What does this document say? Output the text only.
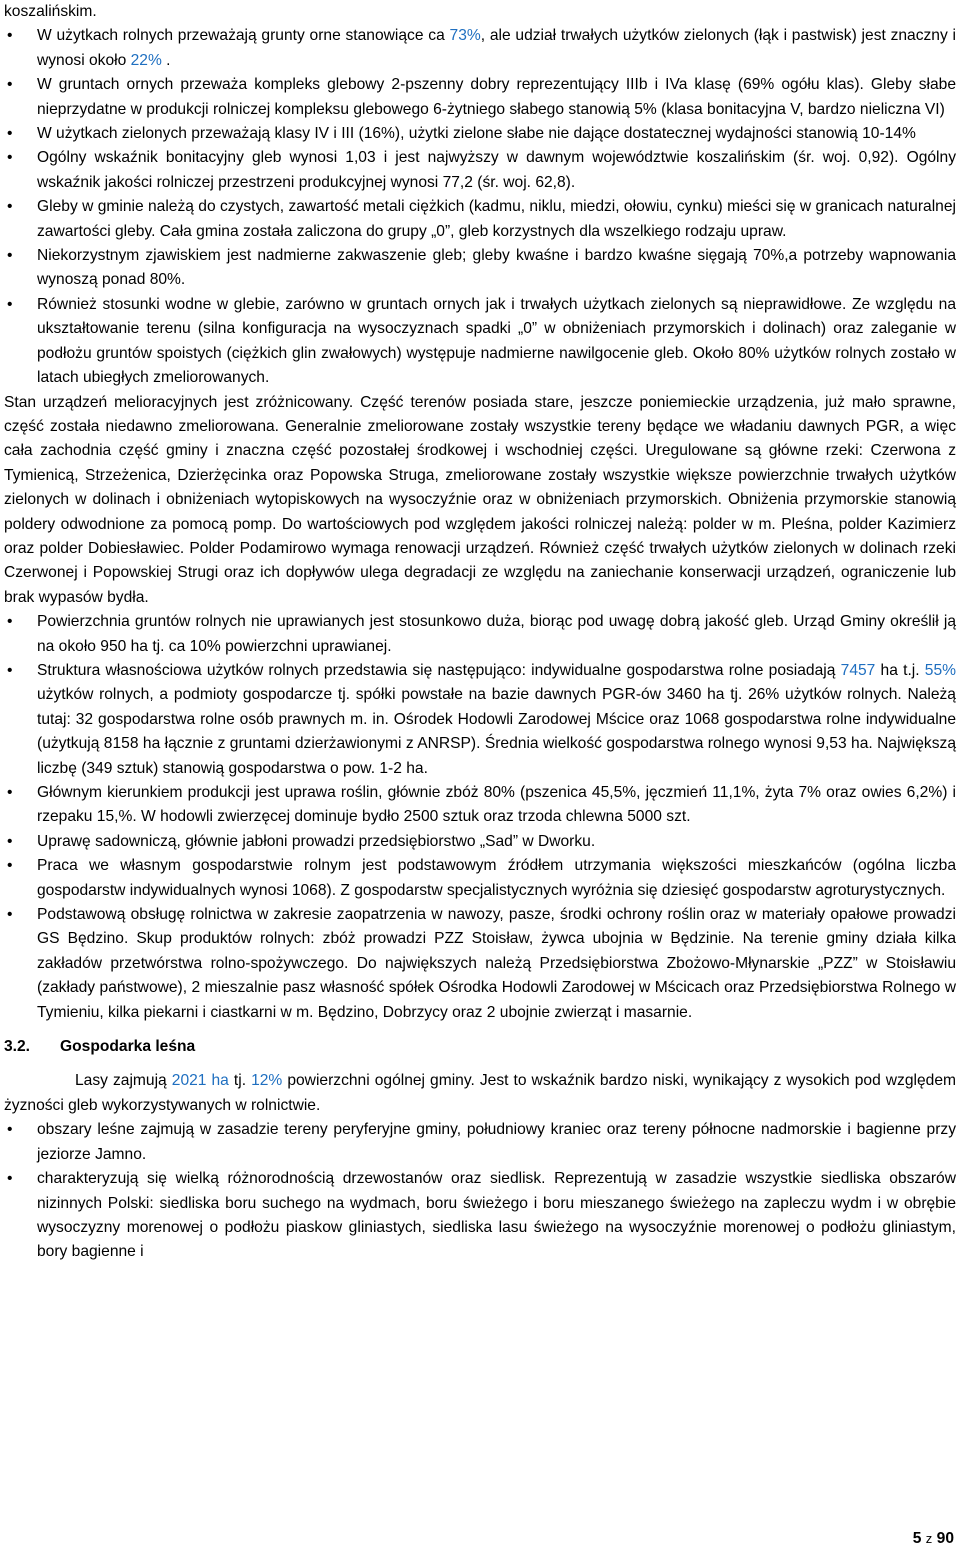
koszalińskim.

• W użytkach rolnych przeważają grunty orne stanowiące ca 73%, ale udział trwałych użytków zielonych (łąk i pastwisk) jest znaczny i wynosi około 22% .
• W gruntach ornych przeważa kompleks glebowy 2-pszenny dobry reprezentujący IIIb i IVa klasę (69% ogółu klas). Gleby słabe nieprzydatne w produkcji rolniczej kompleksu glebowego 6-żytniego słabego stanowią 5% (klasa bonitacyjna V, bardzo nieliczna VI)
• W użytkach zielonych przeważają klasy IV i III (16%), użytki zielone słabe nie dające dostatecznej wydajności stanowią 10-14%
• Ogólny wskaźnik bonitacyjny gleb wynosi 1,03 i jest najwyższy w dawnym województwie koszalińskim (śr. woj. 0,92). Ogólny wskaźnik jakości rolniczej przestrzeni produkcyjnej wynosi 77,2 (śr. woj. 62,8).
• Gleby w gminie należą do czystych, zawartość metali ciężkich (kadmu, niklu, miedzi, ołowiu, cynku) mieści się w granicach naturalnej zawartości gleby. Cała gmina została zaliczona do grupy „0”, gleb korzystnych dla wszelkiego rodzaju upraw.
• Niekorzystnym zjawiskiem jest nadmierne zakwaszenie gleb; gleby kwaśne i bardzo kwaśne sięgają 70%,a potrzeby wapnowania wynoszą ponad 80%.
• Również stosunki wodne w glebie, zarówno w gruntach ornych jak i trwałych użytkach zielonych są nieprawidłowe. Ze względu na ukształtowanie terenu (silna konfiguracja na wysoczyznach spadki „0” w obniżeniach przymorskich i dolinach) oraz zaleganie w podłożu gruntów spoistych (ciężkich glin zwałowych) występuje nadmierne nawilgocenie gleb. Około 80% użytków rolnych zostało w latach ubiegłych zmeliorowanych.

Stan urządzeń melioracyjnych jest zróżnicowany. Część terenów posiada stare, jeszcze poniemieckie urządzenia, już mało sprawne, część została niedawno zmeliorowana. Generalnie zmeliorowane zostały wszystkie tereny będące we władaniu dawnych PGR, a więc cała zachodnia część gminy i znaczna część pozostałej środkowej i wschodniej części. Uregulowane są główne rzeki: Czerwona z Tymienicą, Strzeżenica, Dzierżęcinka oraz Popowska Struga, zmeliorowane zostały wszystkie większe powierzchnie trwałych użytków zielonych w dolinach i obniżeniach wytopiskowych na wysoczyźnie oraz w obniżeniach przymorskich. Obniżenia przymorskie stanowią poldery odwodnione za pomocą pomp. Do wartościowych pod względem jakości rolniczej należą: polder w m. Pleśna, polder Kazimierz oraz polder Dobiesławiec. Polder Podamirowo wymaga renowacji urządzeń. Również część trwałych użytków zielonych w dolinach rzeki Czerwonej i Popowskiej Strugi oraz ich dopływów ulega degradacji ze względu na zaniechanie konserwacji urządzeń, ograniczenie lub brak wypasów bydła.

• Powierzchnia gruntów rolnych nie uprawianych jest stosunkowo duża, biorąc pod uwagę dobrą jakość gleb. Urząd Gminy określił ją na około 950 ha tj. ca 10% powierzchni uprawianej.
• Struktura własnościowa użytków rolnych przedstawia się następująco: indywidualne gospodarstwa rolne posiadają 7457 ha t.j. 55% użytków rolnych, a podmioty gospodarcze tj. spółki powstałe na bazie dawnych PGR-ów 3460 ha tj. 26% użytków rolnych. Należą tutaj: 32 gospodarstwa rolne osób prawnych m. in. Ośrodek Hodowli Zarodowej Mścice oraz 1068 gospodarstwa rolne indywidualne (użytkują 8158 ha łącznie z gruntami dzierżawionymi z ANRSP). Średnia wielkość gospodarstwa rolnego wynosi 9,53 ha. Największą liczbę (349 sztuk) stanowią gospodarstwa o pow. 1-2 ha.
• Głównym kierunkiem produkcji jest uprawa roślin, głównie zbóż 80% (pszenica 45,5%, jęczmień 11,1%, żyta 7% oraz owies 6,2%) i rzepaku 15,%. W hodowli zwierzęcej dominuje bydło 2500 sztuk oraz trzoda chlewna 5000 szt.
• Uprawę sadowniczą, głównie jabłoni prowadzi przedsiębiorstwo „Sad” w Dworku.
• Praca we własnym gospodarstwie rolnym jest podstawowym źródłem utrzymania większości mieszkańców (ogólna liczba gospodarstw indywidualnych wynosi 1068). Z gospodarstw specjalistycznych wyróżnia się dziesięć gospodarstw agroturystycznych.
• Podstawową obsługę rolnictwa w zakresie zaopatrzenia w nawozy, pasze, środki ochrony roślin oraz w materiały opałowe prowadzi GS Będzino. Skup produktów rolnych: zbóż prowadzi PZZ Stoisław, żywca ubojnia w Będzinie. Na terenie gminy działa kilka zakładów przetwórstwa rolno-spożywczego. Do największych należą Przedsiębiorstwa Zbożowo-Młynarskie „PZZ” w Stoisławiu (zakłady państwowe), 2 mieszalnie pasz własność spółek Ośrodka Hodowli Zarodowej w Mścicach oraz Przedsiębiorstwa Rolnego w Tymieniu, kilka piekarni i ciastkarni w m. Będzino, Dobrzycy oraz 2 ubojnie zwierząt i masarnie.
3.2. Gospodarka leśna

Lasy zajmują 2021 ha tj. 12% powierzchni ogólnej gminy. Jest to wskaźnik bardzo niski, wynikający z wysokich pod względem żyzności gleb wykorzystywanych w rolnictwie.

• obszary leśne zajmują w zasadzie tereny peryferyjne gminy, południowy kraniec oraz tereny północne nadmorskie i bagienne przy jeziorze Jamno.
• charakteryzują się wielką różnorodnością drzewostanów oraz siedlisk. Reprezentują w zasadzie wszystkie siedliska obszarów nizinnych Polski: siedliska boru suchego na wydmach, boru świeżego i boru mieszanego świeżego na zapleczu wydm i w obrębie wysoczyzny morenowej o podłożu piaskow gliniastych, siedliska lasu świeżego na wysoczyźnie morenowej o podłożu gliniastym, bory bagienne i
5 z 90
